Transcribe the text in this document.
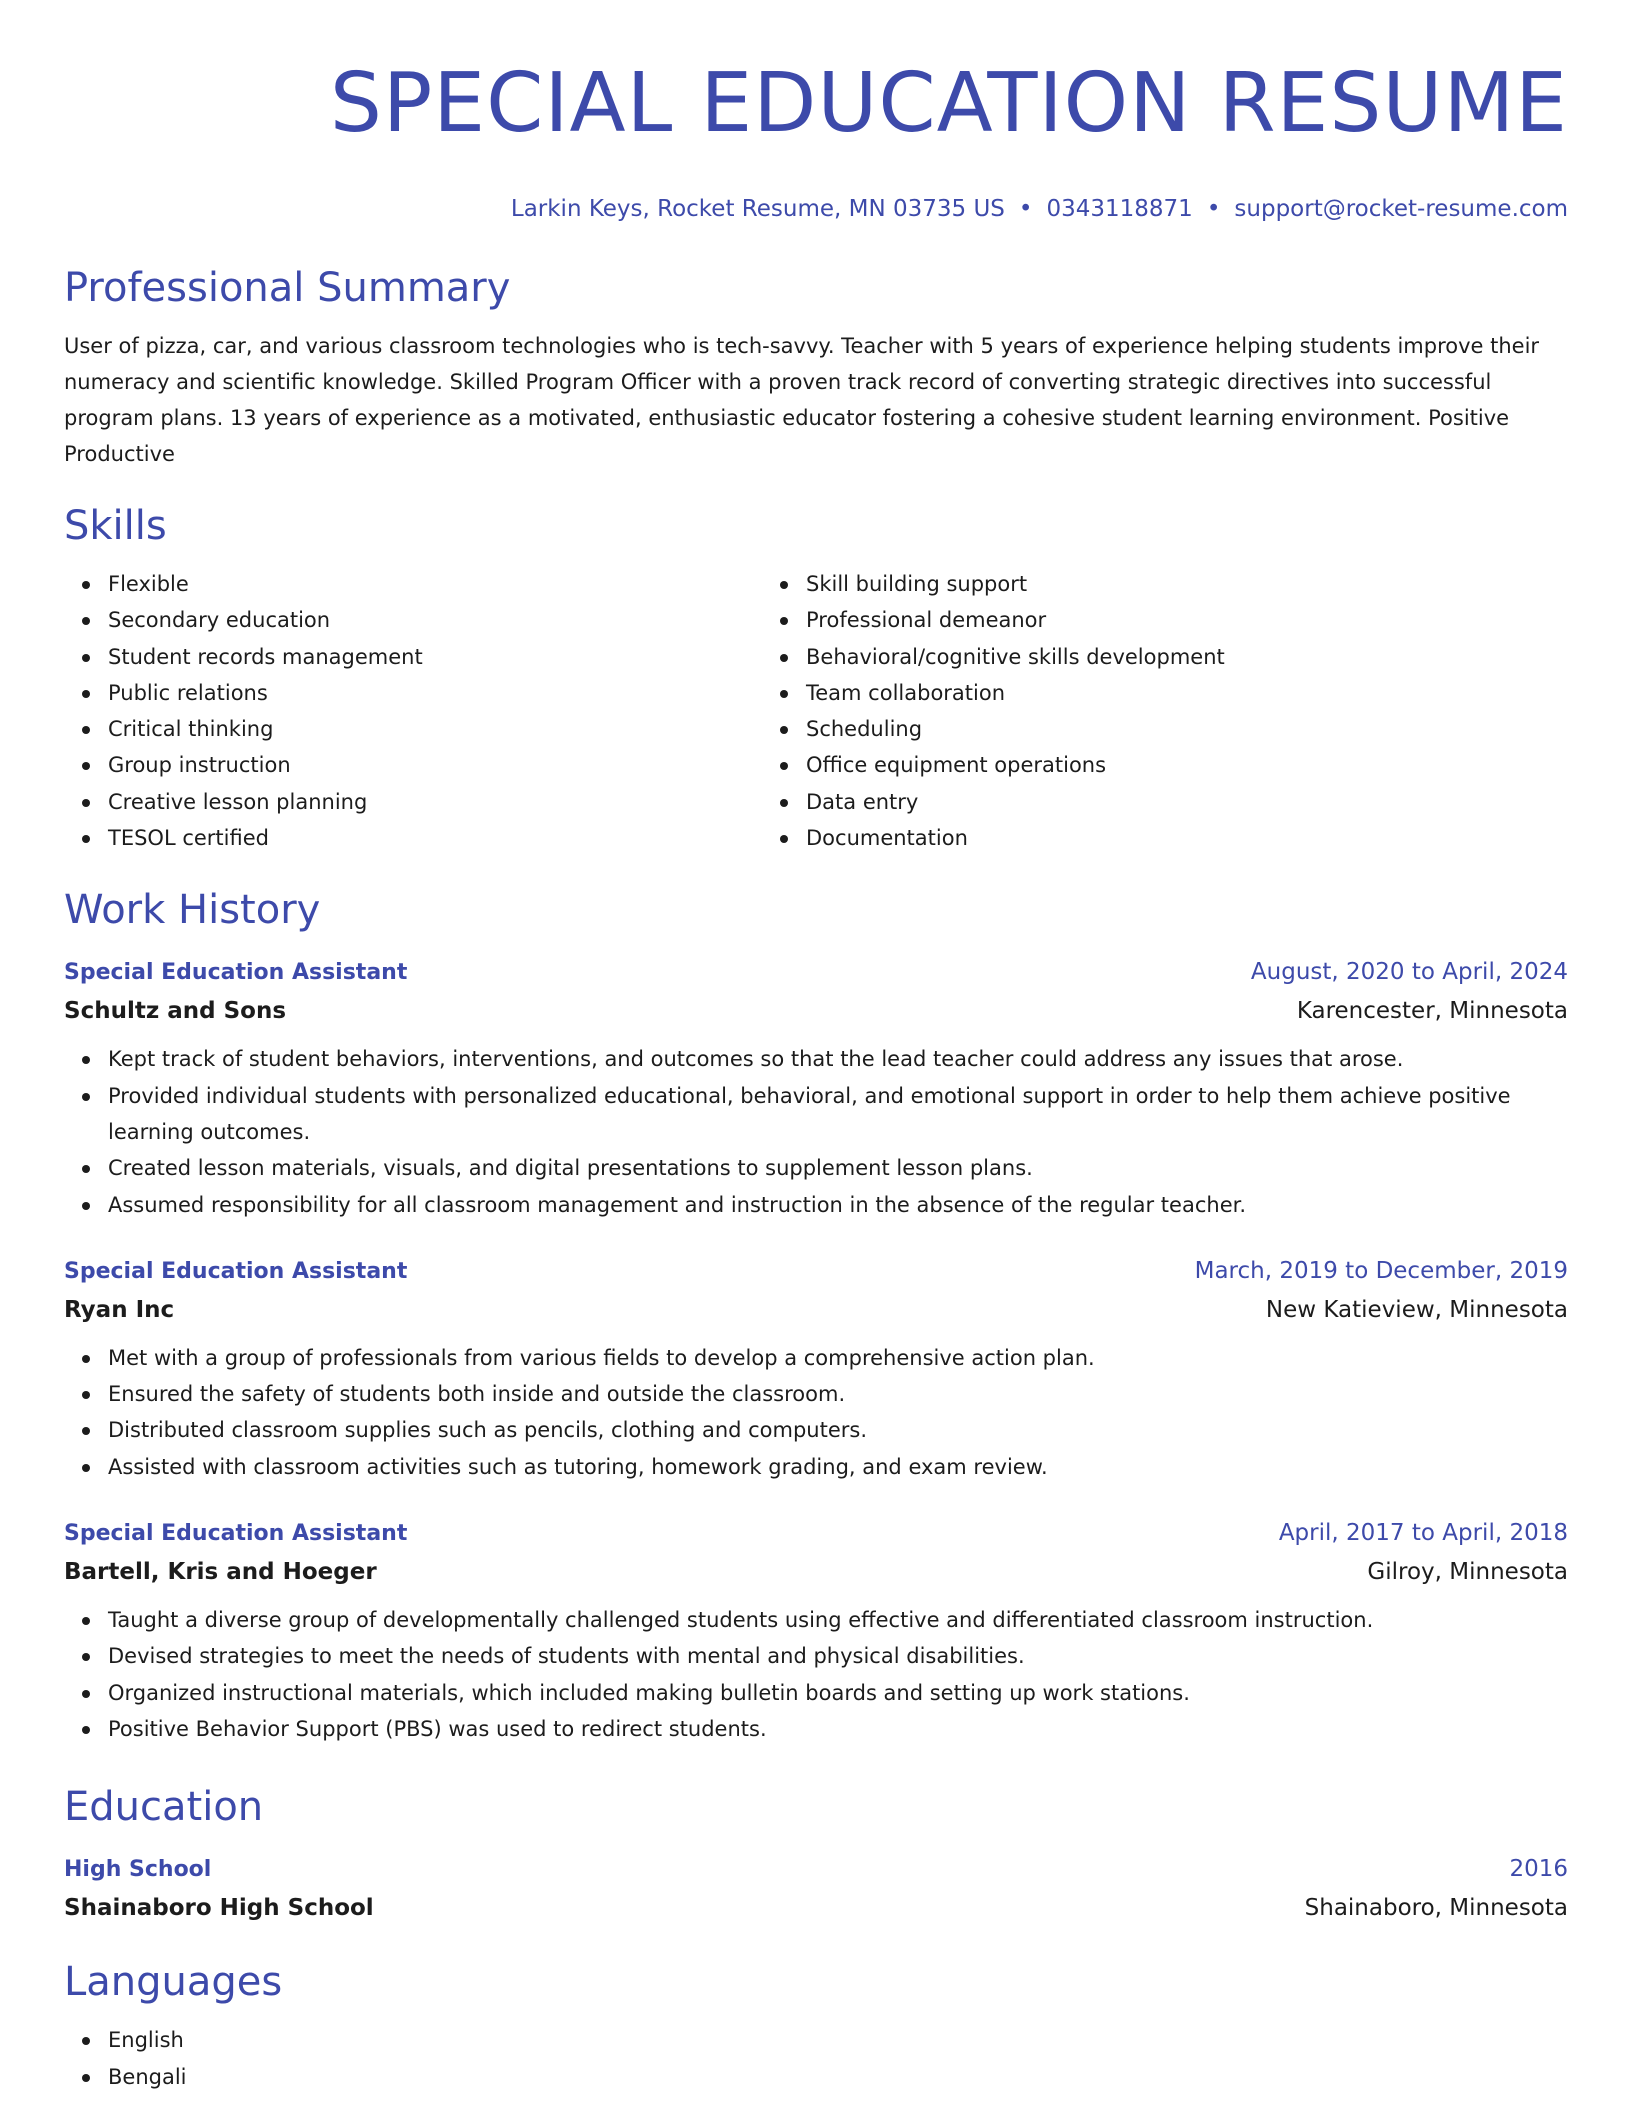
SPECIAL EDUCATION RESUME
Larkin Keys, Rocket Resume, MN 03735 US • 0343118871 • support@rocket-resume.com
Professional Summary

User of pizza, car, and various classroom technologies who is tech-savvy. Teacher with 5 years of experience helping students improve their numeracy and scientific knowledge. Skilled Program Officer with a proven track record of converting strategic directives into successful program plans. 13 years of experience as a motivated, enthusiastic educator fostering a cohesive student learning environment. Positive Productive

Skills
Flexible
Secondary education
Student records management
Public relations
Critical thinking
Group instruction
Creative lesson planning
TESOL certified
Skill building support
Professional demeanor
Behavioral/cognitive skills development
Team collaboration
Scheduling
Office equipment operations
Data entry
Documentation
Work History
Special Education Assistant	August, 2020 to April, 2024
Schultz and Sons	Karencester, Minnesota
Kept track of student behaviors, interventions, and outcomes so that the lead teacher could address any issues that arose.
Provided individual students with personalized educational, behavioral, and emotional support in order to help them achieve positive learning outcomes.
Created lesson materials, visuals, and digital presentations to supplement lesson plans.
Assumed responsibility for all classroom management and instruction in the absence of the regular teacher.
Special Education Assistant	March, 2019 to December, 2019
Ryan Inc	New Katieview, Minnesota
Met with a group of professionals from various fields to develop a comprehensive action plan.
Ensured the safety of students both inside and outside the classroom.
Distributed classroom supplies such as pencils, clothing and computers.
Assisted with classroom activities such as tutoring, homework grading, and exam review.
Special Education Assistant	April, 2017 to April, 2018
Bartell, Kris and Hoeger	Gilroy, Minnesota
Taught a diverse group of developmentally challenged students using effective and differentiated classroom instruction.
Devised strategies to meet the needs of students with mental and physical disabilities.
Organized instructional materials, which included making bulletin boards and setting up work stations.
Positive Behavior Support (PBS) was used to redirect students.
Education
High School	2016
Shainaboro High School	Shainaboro, Minnesota
Languages
English
Bengali
